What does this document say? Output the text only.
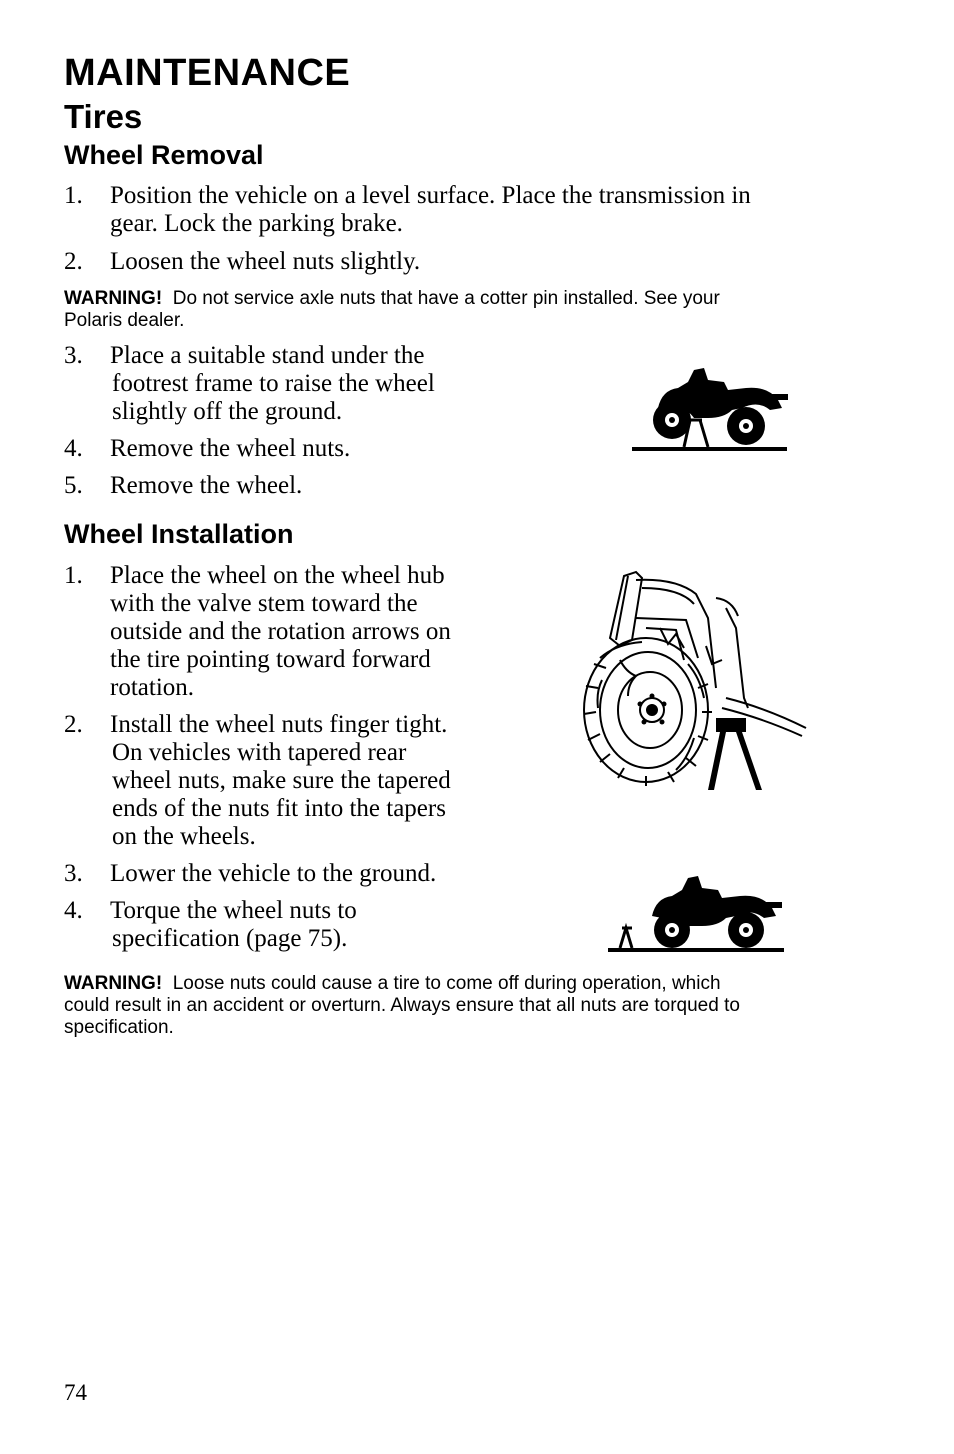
MAINTENANCE
Tires
Wheel Removal
1. Position the vehicle on a level surface. Place the transmission in
gear. Lock the parking brake.
2. Loosen the wheel nuts slightly.
WARNING! Do not service axle nuts that have a cotter pin installed. See your
Polaris dealer.
3. Place a suitable stand under the
footrest frame to raise the wheel
slightly off the ground.
4. Remove the wheel nuts.
5. Remove the wheel.
Wheel Installation
1. Place the wheel on the wheel hub
with the valve stem toward the
outside and the rotation arrows on
the tire pointing toward forward
rotation.
2. Install the wheel nuts finger tight.
On vehicles with tapered rear
wheel nuts, make sure the tapered
ends of the nuts fit into the tapers
on the wheels.
3. Lower the vehicle to the ground.
4. Torque the wheel nuts to
specification (page 75).
WARNING! Loose nuts could cause a tire to come off during operation, which
could result in an accident or overturn. Always ensure that all nuts are torqued to
specification.
74
